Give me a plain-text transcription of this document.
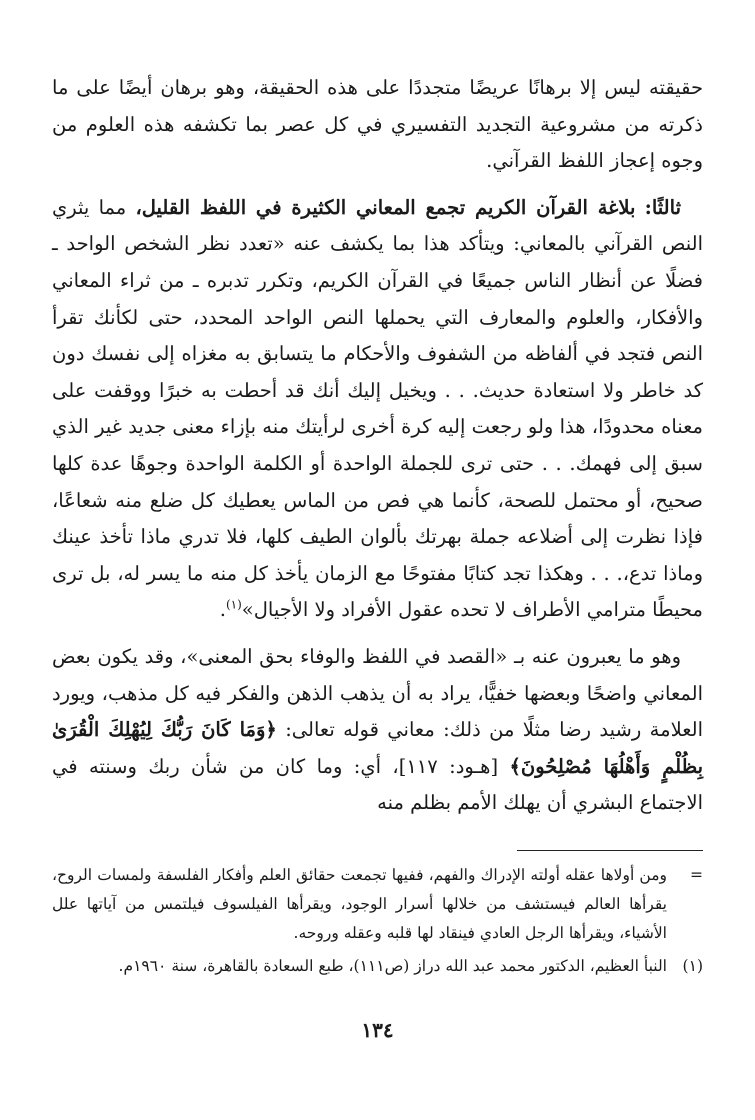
حقيقته ليس إلا برهانًا عريضًا متجددًا على هذه الحقيقة، وهو برهان أيضًا على ما ذكرته من مشروعية التجديد التفسيري في كل عصر بما تكشفه هذه العلوم من وجوه إعجاز اللفظ القرآني.

ثالثًا: بلاغة القرآن الكريم تجمع المعاني الكثيرة في اللفظ القليل، مما يثري النص القرآني بالمعاني: ويتأكد هذا بما يكشف عنه «تعدد نظر الشخص الواحد ـ فضلًا عن أنظار الناس جميعًا في القرآن الكريم، وتكرر تدبره ـ من ثراء المعاني والأفكار، والعلوم والمعارف التي يحملها النص الواحد المحدد، حتى لكأنك تقرأ النص فتجد في ألفاظه من الشفوف والأحكام ما يتسابق به مغزاه إلى نفسك دون كد خاطر ولا استعادة حديث. . . ويخيل إليك أنك قد أحطت به خبرًا ووقفت على معناه محدودًا، هذا ولو رجعت إليه كرة أخرى لرأيتك منه بإزاء معنى جديد غير الذي سبق إلى فهمك. . . حتى ترى للجملة الواحدة أو الكلمة الواحدة وجوهًا عدة كلها صحيح، أو محتمل للصحة، كأنما هي فص من الماس يعطيك كل ضلع منه شعاعًا، فإذا نظرت إلى أضلاعه جملة بهرتك بألوان الطيف كلها، فلا تدري ماذا تأخذ عينك وماذا تدع،. . . وهكذا تجد كتابًا مفتوحًا مع الزمان يأخذ كل منه ما يسر له، بل ترى محيطًا مترامي الأطراف لا تحده عقول الأفراد ولا الأجيال»$^{(١)}$.

وهو ما يعبرون عنه بـ «القصد في اللفظ والوفاء بحق المعنى»، وقد يكون بعض المعاني واضحًا وبعضها خفيًّا، يراد به أن يذهب الذهن والفكر فيه كل مذهب، ويورد العلامة رشيد رضا مثلًا من ذلك: معاني قوله تعالى: ﴿وَمَا كَانَ رَبُّكَ لِيُهْلِكَ الْقُرَىٰ بِظُلْمٍ وَأَهْلُهَا مُصْلِحُونَ﴾ [هـود: ١١٧]، أي: وما كان من شأن ربك وسنته في الاجتماع البشري أن يهلك الأمم بظلم منه

=
ومن أولاها عقله أولته الإدراك والفهم، ففيها تجمعت حقائق العلم وأفكار الفلسفة ولمسات الروح، يقرأها العالم فيستشف من خلالها أسرار الوجود، ويقرأها الفيلسوف فيلتمس من آياتها علل الأشياء، ويقرأها الرجل العادي فينقاد لها قلبه وعقله وروحه.
(١)
النبأ العظيم، الدكتور محمد عبد الله دراز (ص١١١)، طبع السعادة بالقاهرة، سنة ١٩٦٠م.
١٣٤
